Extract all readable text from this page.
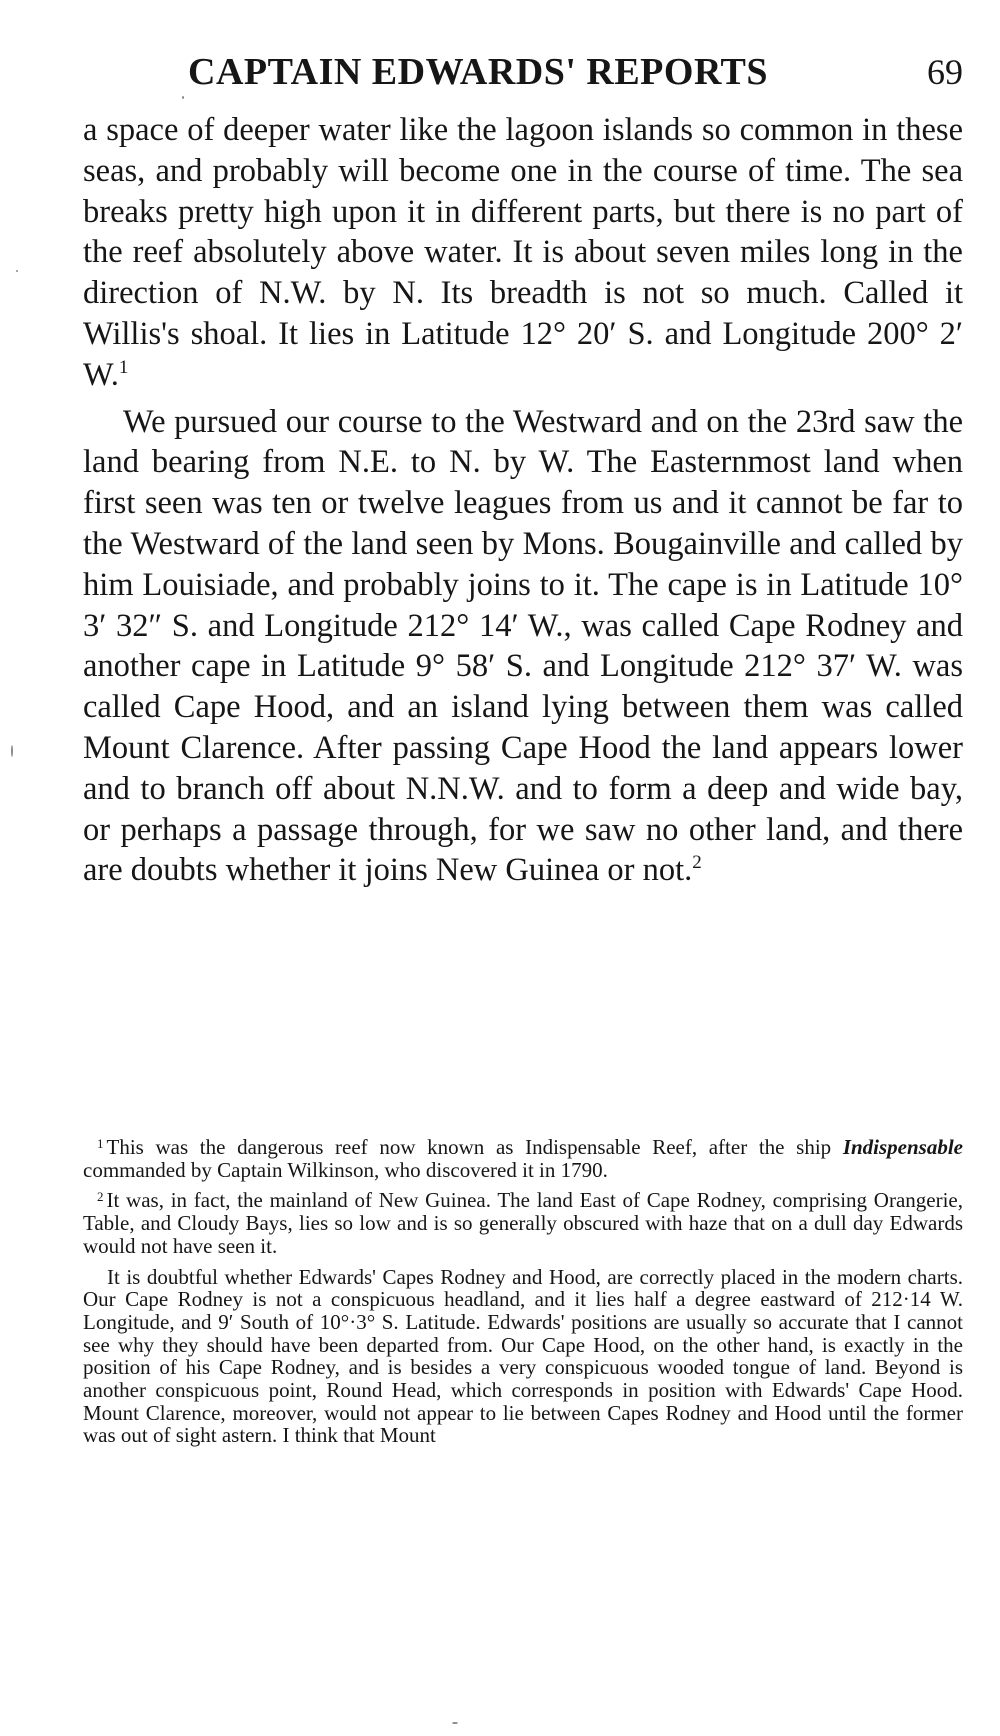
CAPTAIN EDWARDS' REPORTS	69

a space of deeper water like the lagoon islands so common in these seas, and probably will become one in the course of time. The sea breaks pretty high upon it in different parts, but there is no part of the reef absolutely above water. It is about seven miles long in the direction of N.W. by N. Its breadth is not so much. Called it Willis's shoal. It lies in Latitude 12° 20′ S. and Longitude 200° 2′ W.$^1$

We pursued our course to the Westward and on the 23rd saw the land bearing from N.E. to N. by W. The Easternmost land when first seen was ten or twelve leagues from us and it cannot be far to the Westward of the land seen by Mons. Bougainville and called by him Louisiade, and probably joins to it. The cape is in Latitude 10° 3′ 32″ S. and Longitude 212° 14′ W., was called Cape Rodney and another cape in Latitude 9° 58′ S. and Longitude 212° 37′ W. was called Cape Hood, and an island lying between them was called Mount Clarence. After passing Cape Hood the land appears lower and to branch off about N.N.W. and to form a deep and wide bay, or perhaps a passage through, for we saw no other land, and there are doubts whether it joins New Guinea or not.$^2$

$^1$ This was the dangerous reef now known as Indispensable Reef, after the ship Indispensable commanded by Captain Wilkinson, who discovered it in 1790.

$^2$ It was, in fact, the mainland of New Guinea. The land East of Cape Rodney, comprising Orangerie, Table, and Cloudy Bays, lies so low and is so generally obscured with haze that on a dull day Edwards would not have seen it.

It is doubtful whether Edwards' Capes Rodney and Hood, are correctly placed in the modern charts. Our Cape Rodney is not a conspicuous headland, and it lies half a degree eastward of 212·14 W. Longitude, and 9′ South of 10°·3° S. Latitude. Edwards' positions are usually so accurate that I cannot see why they should have been departed from. Our Cape Hood, on the other hand, is exactly in the position of his Cape Rodney, and is besides a very conspicuous wooded tongue of land. Beyond is another conspicuous point, Round Head, which corresponds in position with Edwards' Cape Hood. Mount Clarence, moreover, would not appear to lie between Capes Rodney and Hood until the former was out of sight astern. I think that Mount
